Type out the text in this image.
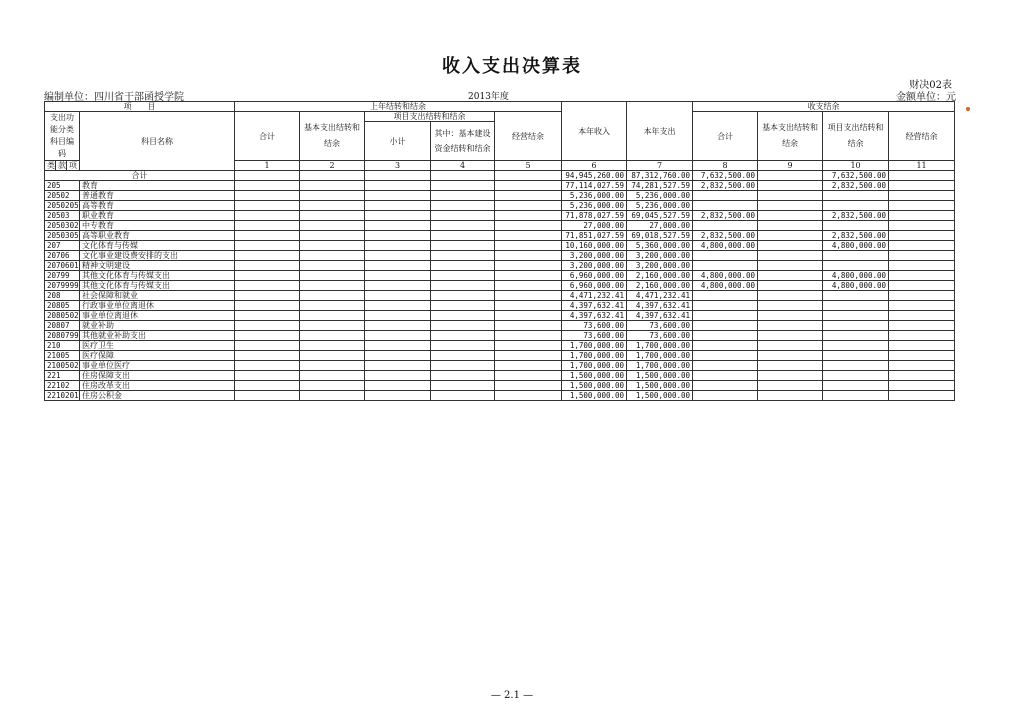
收入支出决算表
财决02表
编制单位：四川省干部函授学院	2013年度	金额单位：元
项　　目				上年结转和结余					本年收入	本年支出	收支结余			
支出功能分类科目编码			科目名称	合计	基本支出结转和结余	项目支出结转和结余		经营结余			合计	基本支出结转和结余	项目支出结转和结余	经营结余
						小计	其中：基本建设资金结转和结余							

类	款	项		1	2	3	4	5	6	7	8	9	10	11
合计									94,945,260.00	87,312,760.00	7,632,500.00		7,632,500.00	
205			教育						77,114,027.59	74,281,527.59	2,832,500.00		2,832,500.00	
20502			普通教育						5,236,000.00	5,236,000.00				
2050205			高等教育						5,236,000.00	5,236,000.00				
20503			职业教育						71,878,027.59	69,045,527.59	2,832,500.00		2,832,500.00	
2050302			中专教育						27,000.00	27,000.00				
2050305			高等职业教育						71,851,027.59	69,018,527.59	2,832,500.00		2,832,500.00	
207			文化体育与传媒						10,160,000.00	5,360,000.00	4,800,000.00		4,800,000.00	
20706			文化事业建设费安排的支出						3,200,000.00	3,200,000.00				
2070601			精神文明建设						3,200,000.00	3,200,000.00				
20799			其他文化体育与传媒支出						6,960,000.00	2,160,000.00	4,800,000.00		4,800,000.00	
2079999			其他文化体育与传媒支出						6,960,000.00	2,160,000.00	4,800,000.00		4,800,000.00	
208			社会保障和就业						4,471,232.41	4,471,232.41				
20805			行政事业单位离退休						4,397,632.41	4,397,632.41				
2080502			事业单位离退休						4,397,632.41	4,397,632.41				
20807			就业补助						73,600.00	73,600.00				
2080799			其他就业补助支出						73,600.00	73,600.00				
210			医疗卫生						1,700,000.00	1,700,000.00				
21005			医疗保障						1,700,000.00	1,700,000.00				
2100502			事业单位医疗						1,700,000.00	1,700,000.00				
221			住房保障支出						1,500,000.00	1,500,000.00				
22102			住房改革支出						1,500,000.00	1,500,000.00				
2210201			住房公积金						1,500,000.00	1,500,000.00				
— 2.1 —
